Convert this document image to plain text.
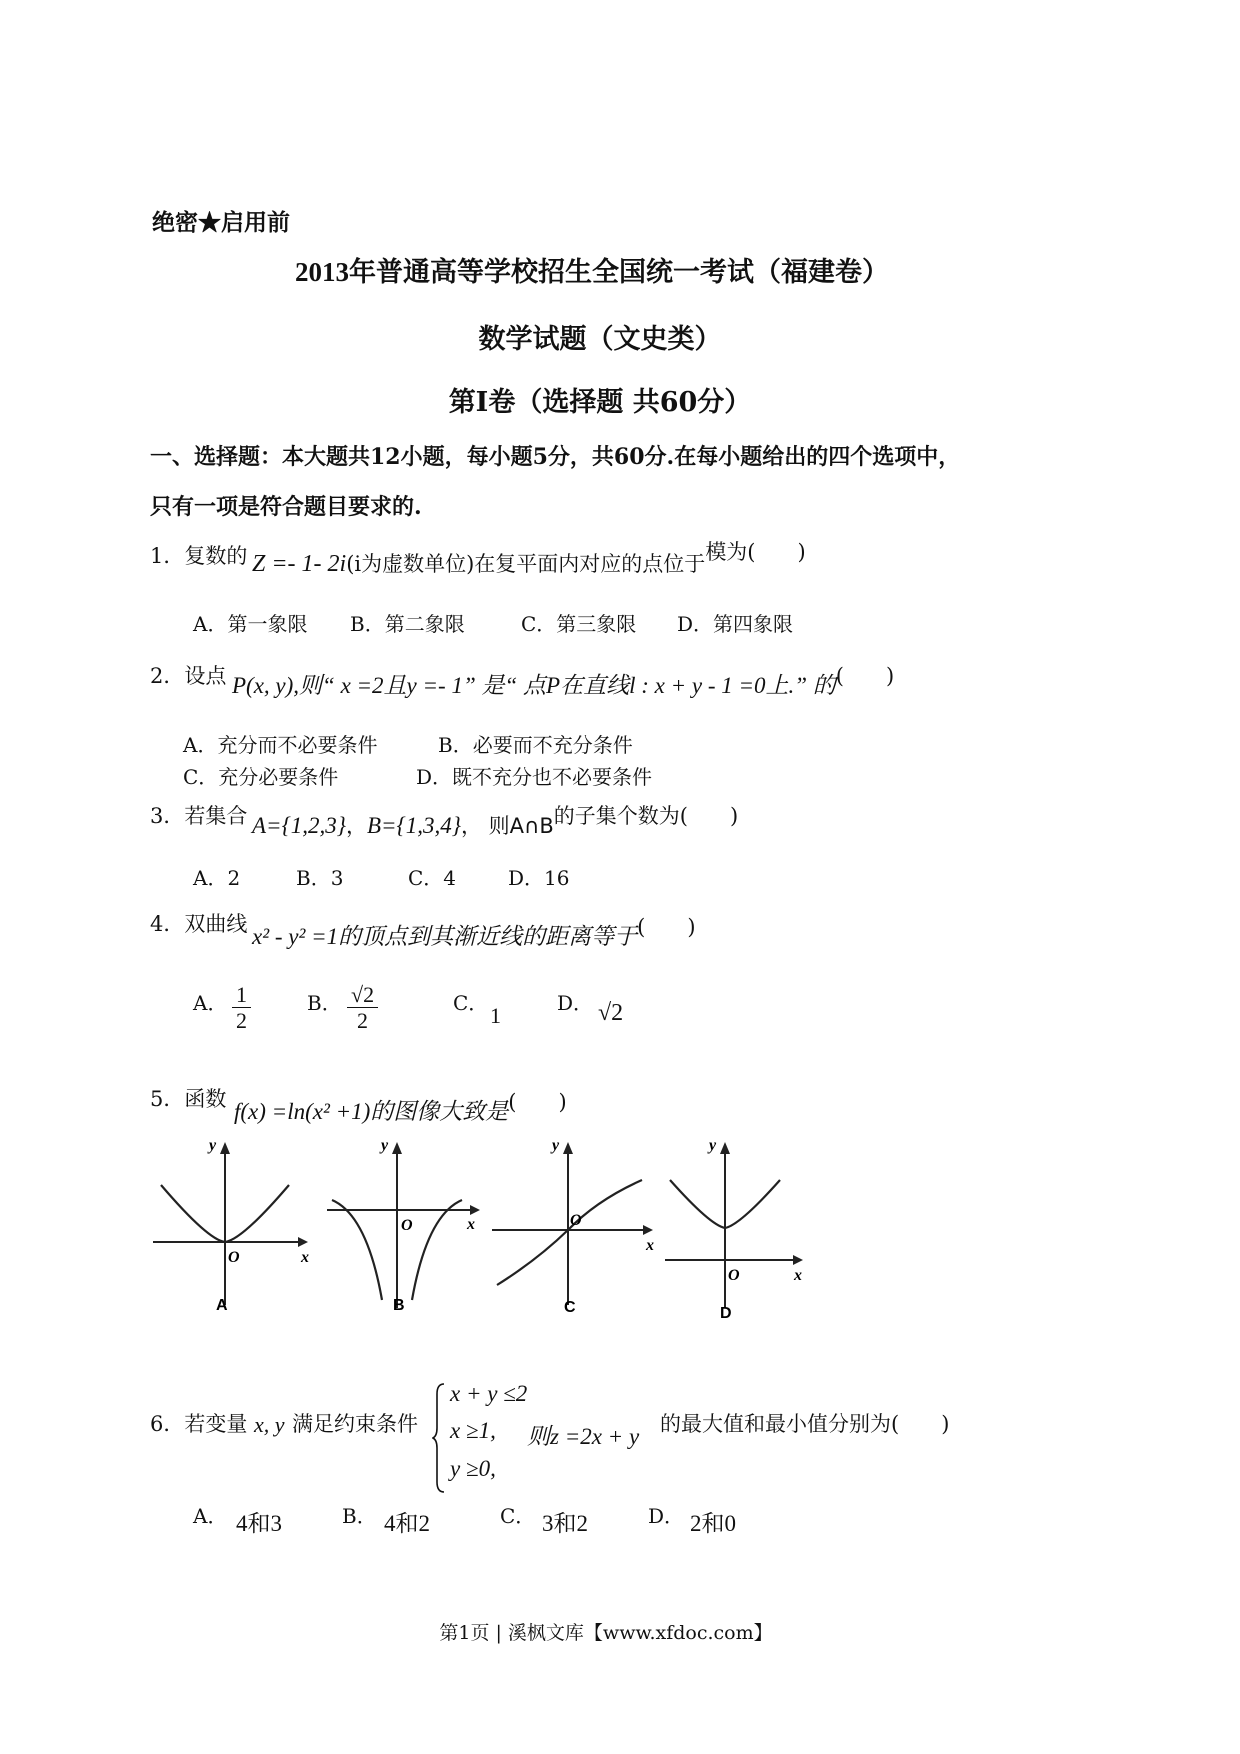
绝密★启用前
2013年普通高等学校招生全国统一考试（福建卷）
数学试题（文史类）
第Ⅰ卷（选择题 共60分）
一、选择题：本大题共12小题，每小题5分，共60分.在每小题给出的四个选项中，
只有一项是符合题目要求的.
1．复数的 Z =- 1- 2i(i为虚数单位)在复平面内对应的点位于模为(　　)
A．第一象限 B．第二象限	C．第三象限 D．第四象限
2．设点 P(x, y),则“ x =2且y =- 1” 是“ 点P在直线l : x + y - 1 =0上.” 的(　　)
A．充分而不必要条件	B．必要而不充分条件
C．充分必要条件	D．既不充分也不必要条件
3．若集合 A={1,2,3}，B={1,3,4}， 则A∩B的子集个数为(　　)
A．2	B．3	C．4	D．16
4．双曲线 x² - y² =1的顶点到其渐近线的距离等于(　　)
A． $\frac{1}{2}$	B． $\frac{√2}{2}$	C． 1	D． √2
5．函数 f(x) =ln(x² +1)的图像大致是(　　)
y
x
O
A
y
x
O
B
y
x
O
C
y
x
O
D
6．若变量 x, y 满足约束条件
x + y ≤2
x ≥1,
y ≥0,
则z =2x + y 的最大值和最小值分别为(　　)
A． 4和3	B． 4和2	C． 3和2	D． 2和0
第1页 | 溪枫文库【www.xfdoc.com】
